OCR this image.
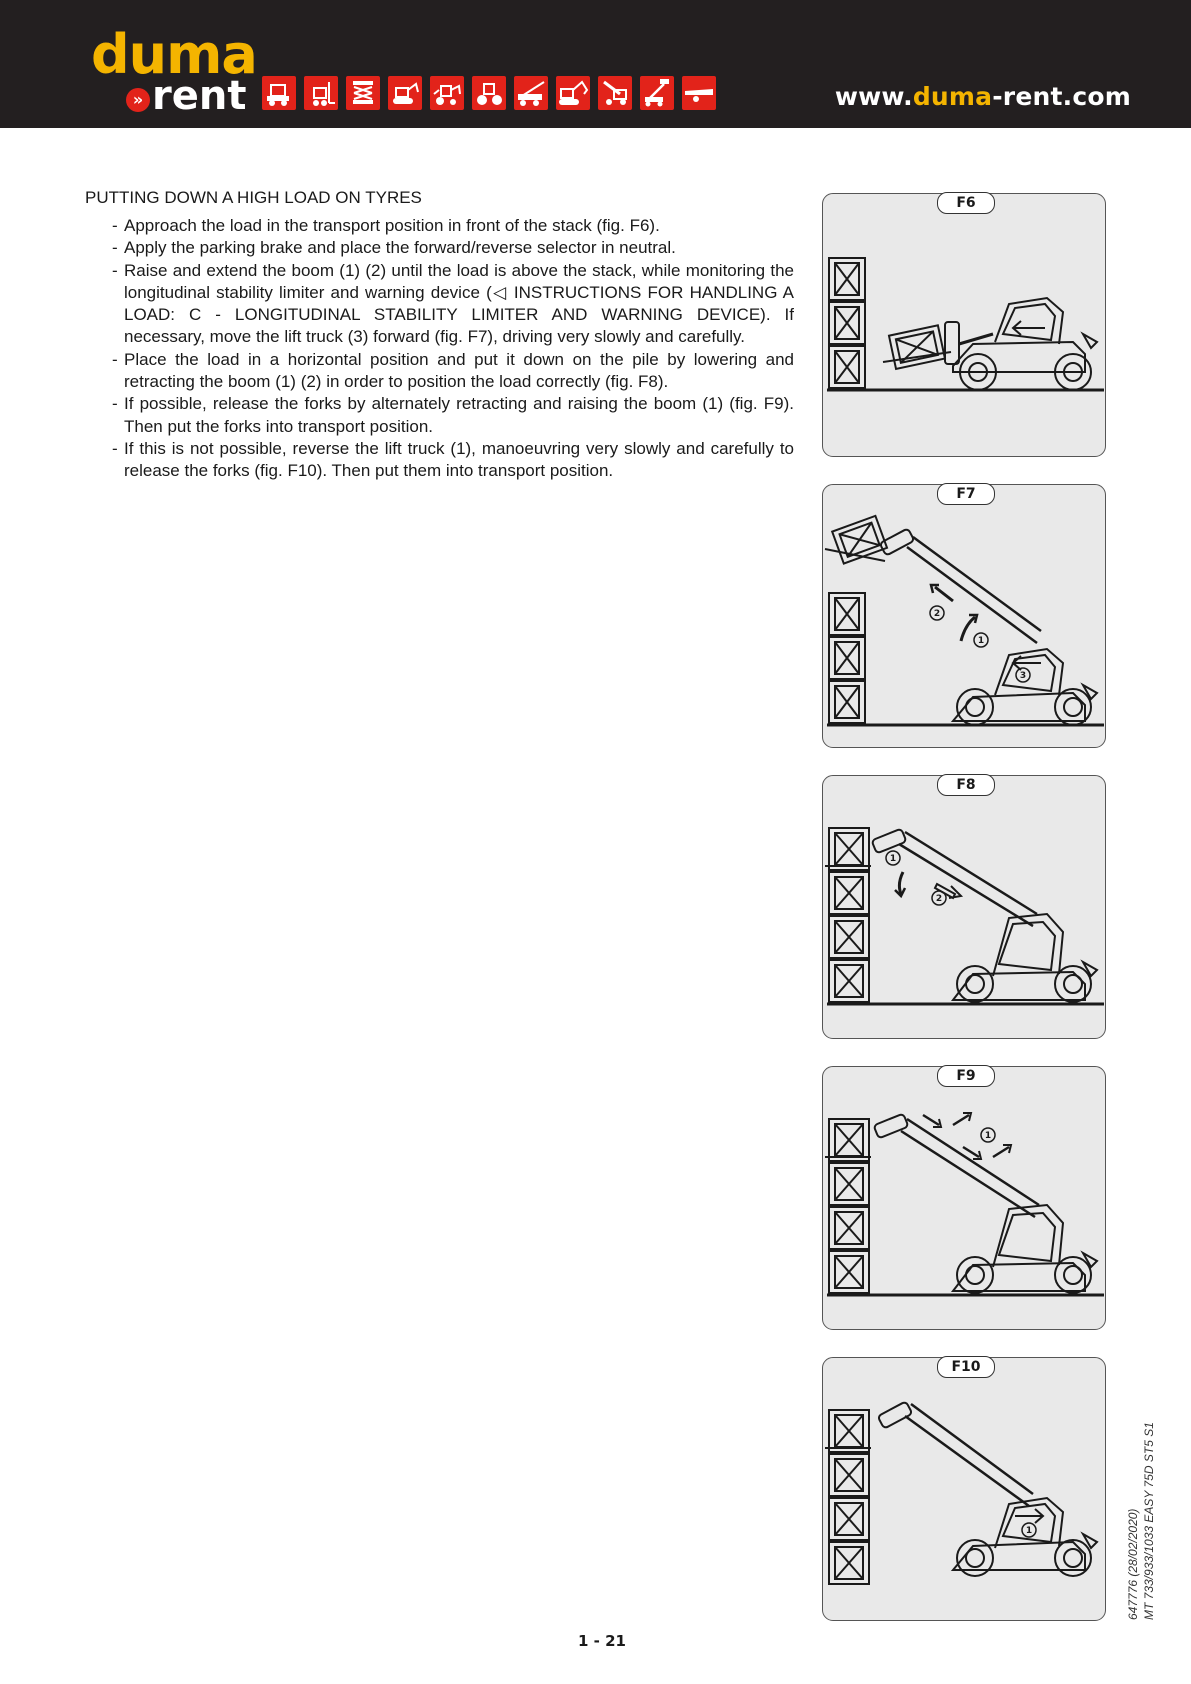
duma
» rent	www.duma-rent.com
PUTTING DOWN A HIGH LOAD ON TYRES
- Approach the load in the transport position in front of the stack (fig. F6).
- Apply the parking brake and place the forward/reverse selector in neutral.
- Raise and extend the boom (1) (2) until the load is above the stack, while monitoring the longitudinal stability limiter and warning device (◁ INSTRUCTIONS FOR HANDLING A LOAD: C - LONGITUDINAL STABILITY LIMITER AND WARNING DEVICE). If necessary, move the lift truck (3) forward (fig. F7), driving very slowly and carefully.
- Place the load in a horizontal position and put it down on the pile by lowering and retracting the boom (1) (2) in order to position the load correctly (fig. F8).
- If possible, release the forks by alternately retracting and raising the boom (1) (fig. F9). Then put the forks into transport position.
- If this is not possible, reverse the lift truck (1), manoeuvring very slowly and carefully to release the forks (fig. F10). Then put them into transport position.
F6
2
1
3
F7
1
2
F8
1
F9
1
F10
647776 (28/02/2020) MT 733/933/1033 EASY 75D ST5 S1
1 - 21
